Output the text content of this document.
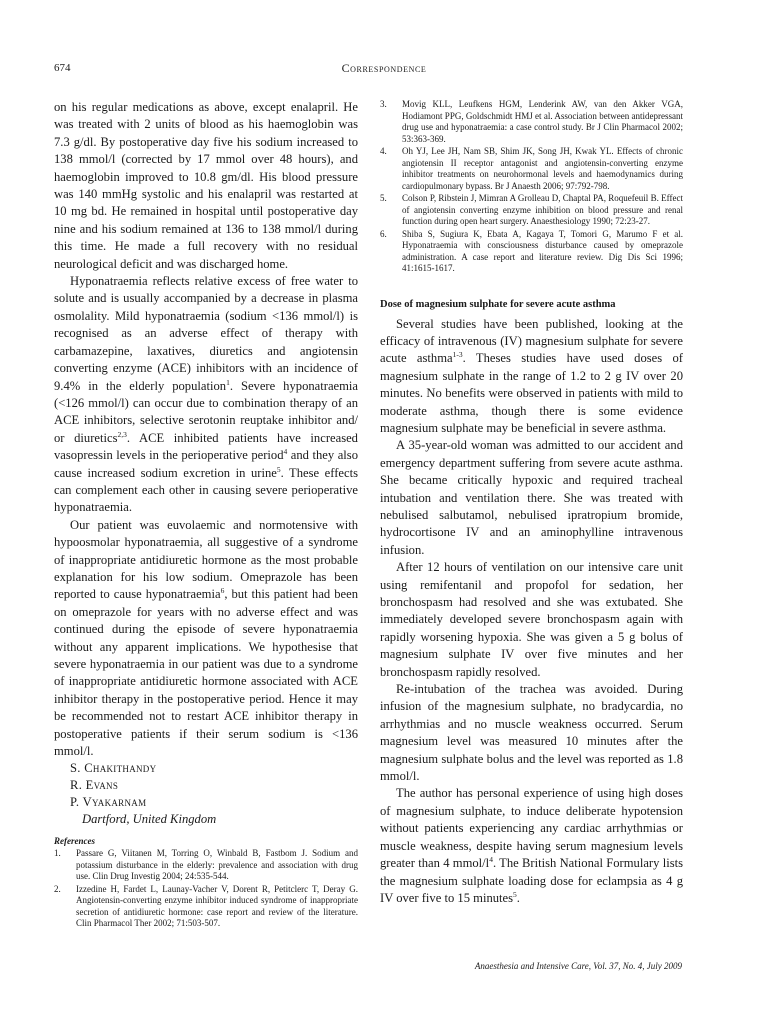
674	Correspondence

on his regular medications as above, except enalapril. He was treated with 2 units of blood as his haemoglobin was 7.3 g/dl. By postoperative day five his sodium increased to 138 mmol/l (corrected by 17 mmol over 48 hours), and haemoglobin improved to 10.8 gm/dl. His blood pressure was 140 mmHg systolic and his enalapril was restarted at 10 mg bd. He remained in hospital until postoperative day nine and his sodium remained at 136 to 138 mmol/l during this time. He made a full recovery with no residual neurological deficit and was discharged home.

Hyponatraemia reflects relative excess of free water to solute and is usually accompanied by a decrease in plasma osmolality. Mild hyponatraemia (sodium <136 mmol/l) is recognised as an adverse effect of therapy with carbamazepine, laxatives, diuretics and angiotensin converting enzyme (ACE) inhibitors with an incidence of 9.4% in the elderly population$^1$. Severe hyponatraemia (<126 mmol/l) can occur due to combination therapy of an ACE inhibitors, selective serotonin reuptake inhibitor and/ or diuretics$^{2,3}$. ACE inhibited patients have increased vasopressin levels in the perioperative period$^4$ and they also cause increased sodium excretion in urine$^5$. These effects can complement each other in causing severe perioperative hyponatraemia.

Our patient was euvolaemic and normotensive with hypoosmolar hyponatraemia, all suggestive of a syndrome of inappropriate antidiuretic hormone as the most probable explanation for his low sodium. Omeprazole has been reported to cause hyponatraemia$^6$, but this patient had been on omeprazole for years with no adverse effect and was continued during the episode of severe hyponatraemia without any apparent implications. We hypothesise that severe hyponatraemia in our patient was due to a syndrome of inappropriate antidiuretic hormone associated with ACE inhibitor therapy in the postoperative period. Hence it may be recommended not to restart ACE inhibitor therapy in postoperative patients if their serum sodium is <136 mmol/l.

S. Chakithandy

R. Evans

P. Vyakarnam

Dartford, United Kingdom

References

1.	Passare G, Viitanen M, Torring O, Winbald B, Fastbom J. Sodium and potassium disturbance in the elderly: prevalence and association with drug use. Clin Drug Investig 2004; 24:535-544.
2.	Izzedine H, Fardet L, Launay-Vacher V, Dorent R, Petitclerc T, Deray G. Angiotensin-converting enzyme inhibitor induced syndrome of inappropriate secretion of antidiuretic hormone: case report and review of the literature. Clin Pharmacol Ther 2002; 71:503-507.
3.	Movig KLL, Leufkens HGM, Lenderink AW, van den Akker VGA, Hodiamont PPG, Goldschmidt HMJ et al. Association between antidepressant drug use and hyponatraemia: a case control study. Br J Clin Pharmacol 2002; 53:363-369.
4.	Oh YJ, Lee JH, Nam SB, Shim JK, Song JH, Kwak YL. Effects of chronic angiotensin II receptor antagonist and angiotensin-converting enzyme inhibitor treatments on neurohormonal levels and haemodynamics during cardiopulmonary bypass. Br J Anaesth 2006; 97:792-798.
5.	Colson P, Ribstein J, Mimran A Grolleau D, Chaptal PA, Roquefeuil B. Effect of angiotensin converting enzyme inhibition on blood pressure and renal function during open heart surgery. Anaesthesiology 1990; 72:23-27.
6.	Shiba S, Sugiura K, Ebata A, Kagaya T, Tomori G, Marumo F et al. Hyponatraemia with consciousness disturbance caused by omeprazole administration. A case report and literature review. Dig Dis Sci 1996; 41:1615-1617.

Dose of magnesium sulphate for severe acute asthma

Several studies have been published, looking at the efficacy of intravenous (IV) magnesium sulphate for severe acute asthma$^{1-3}$. Theses studies have used doses of magnesium sulphate in the range of 1.2 to 2 g IV over 20 minutes. No benefits were observed in patients with mild to moderate asthma, though there is some evidence magnesium sulphate may be beneficial in severe asthma.

A 35-year-old woman was admitted to our accident and emergency department suffering from severe acute asthma. She became critically hypoxic and required tracheal intubation and ventilation there. She was treated with nebulised salbutamol, nebulised ipratropium bromide, hydrocortisone IV and an aminophylline intravenous infusion.

After 12 hours of ventilation on our intensive care unit using remifentanil and propofol for sedation, her bronchospasm had resolved and she was extubated. She immediately developed severe bronchospasm again with rapidly worsening hypoxia. She was given a 5 g bolus of magnesium sulphate IV over five minutes and her bronchospasm rapidly resolved.

Re-intubation of the trachea was avoided. During infusion of the magnesium sulphate, no bradycardia, no arrhythmias and no muscle weakness occurred. Serum magnesium level was measured 10 minutes after the magnesium sulphate bolus and the level was reported as 1.8 mmol/l.

The author has personal experience of using high doses of magnesium sulphate, to induce deliberate hypotension without patients experiencing any cardiac arrhythmias or muscle weakness, despite having serum magnesium levels greater than 4 mmol/$l^4$. The British National Formulary lists the magnesium sulphate loading dose for eclampsia as 4 g IV over five to 15 minutes$^5$.

Anaesthesia and Intensive Care, Vol. 37, No. 4, July 2009
